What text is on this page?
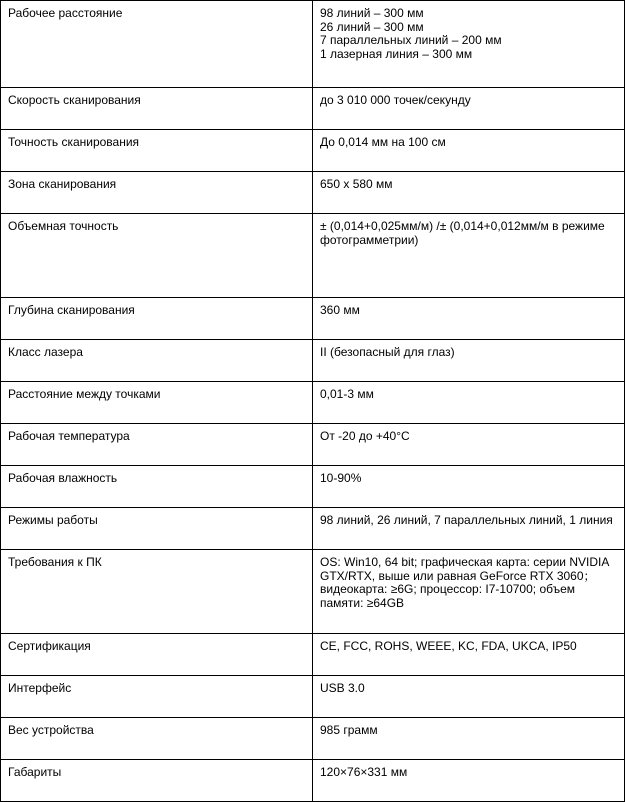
Рабочее расстояние	98 линий – 300 мм
26 линий – 300 мм
7 параллельных линий – 200 мм
1 лазерная линия – 300 мм
Скорость сканирования	до 3 010 000 точек/секунду
Точность сканирования	До 0,014 мм на 100 см
Зона сканирования	650 х 580 мм
Объемная точность	± (0,014+0,025мм/м) /± (0,014+0,012мм/м в режиме фотограмметрии)
Глубина сканирования	360 мм
Класс лазера	II (безопасный для глаз)
Расстояние между точками	0,01-3 мм
Рабочая температура	От -20 до +40°C
Рабочая влажность	10-90%
Режимы работы	98 линий, 26 линий, 7 параллельных линий, 1 линия
Требования к ПК	OS: Win10, 64 bit; графическая карта: серии NVIDIA GTX/RTX, выше или равная GeForce RTX 3060；видеокарта: ≥6G; процессор: I7-10700; объем памяти: ≥64GB
Сертификация	CE, FCC, ROHS, WEEE, KC, FDA, UKCA, IP50
Интерфейс	USB 3.0
Вес устройства	985 грамм
Габариты	120×76×331 мм
